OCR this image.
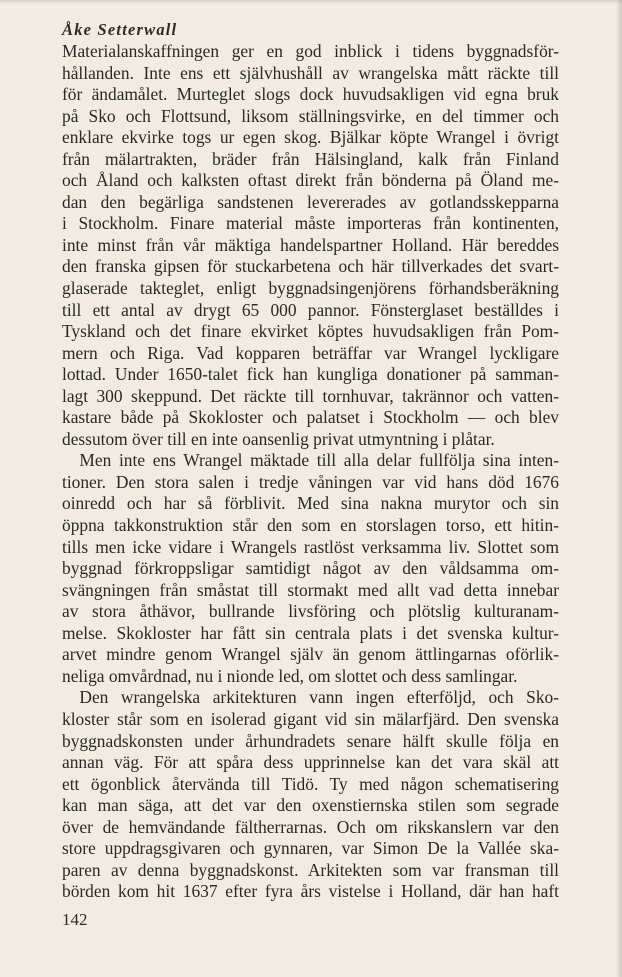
Åke Setterwall
Materialanskaffningen ger en god inblick i tidens byggnadsför-
hållanden. Inte ens ett självhushåll av wrangelska mått räckte till
för ändamålet. Murteglet slogs dock huvudsakligen vid egna bruk
på Sko och Flottsund, liksom ställningsvirke, en del timmer och
enklare ekvirke togs ur egen skog. Bjälkar köpte Wrangel i övrigt
från mälartrakten, bräder från Hälsingland, kalk från Finland
och Åland och kalksten oftast direkt från bönderna på Öland me-
dan den begärliga sandstenen levererades av gotlandsskepparna
i Stockholm. Finare material måste importeras från kontinenten,
inte minst från vår mäktiga handelspartner Holland. Här bereddes
den franska gipsen för stuckarbetena och här tillverkades det svart-
glaserade takteglet, enligt byggnadsingenjörens förhandsberäkning
till ett antal av drygt 65 000 pannor. Fönsterglaset beställdes i
Tyskland och det finare ekvirket köptes huvudsakligen från Pom-
mern och Riga. Vad kopparen beträffar var Wrangel lyckligare
lottad. Under 1650-talet fick han kungliga donationer på samman-
lagt 300 skeppund. Det räckte till tornhuvar, takrännor och vatten-
kastare både på Skokloster och palatset i Stockholm — och blev
dessutom över till en inte oansenlig privat utmyntning i plåtar.
Men inte ens Wrangel mäktade till alla delar fullfölja sina inten-
tioner. Den stora salen i tredje våningen var vid hans död 1676
oinredd och har så förblivit. Med sina nakna murytor och sin
öppna takkonstruktion står den som en storslagen torso, ett hitin-
tills men icke vidare i Wrangels rastlöst verksamma liv. Slottet som
byggnad förkroppsligar samtidigt något av den våldsamma om-
svängningen från småstat till stormakt med allt vad detta innebar
av stora åthävor, bullrande livsföring och plötslig kulturanam-
melse. Skokloster har fått sin centrala plats i det svenska kultur-
arvet mindre genom Wrangel själv än genom ättlingarnas oförlik-
neliga omvårdnad, nu i nionde led, om slottet och dess samlingar.
Den wrangelska arkitekturen vann ingen efterföljd, och Sko-
kloster står som en isolerad gigant vid sin mälarfjärd. Den svenska
byggnadskonsten under århundradets senare hälft skulle följa en
annan väg. För att spåra dess upprinnelse kan det vara skäl att
ett ögonblick återvända till Tidö. Ty med någon schematisering
kan man säga, att det var den oxenstiernska stilen som segrade
över de hemvändande fältherrarnas. Och om rikskanslern var den
store uppdragsgivaren och gynnaren, var Simon De la Vallée ska-
paren av denna byggnadskonst. Arkitekten som var fransman till
börden kom hit 1637 efter fyra års vistelse i Holland, där han haft
142
